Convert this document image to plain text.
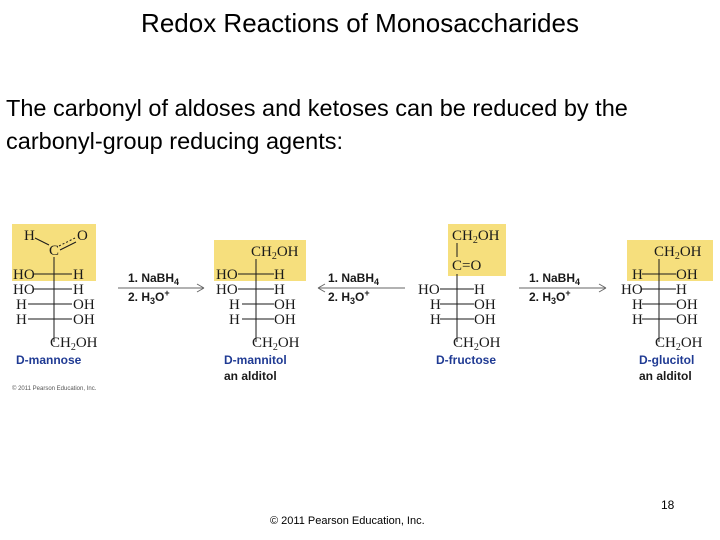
Redox Reactions of Monosaccharides
The carbonyl of aldoses and ketoses can be reduced by the carbonyl-group reducing agents:
H
C
O
HO	H
HO	H
H	OH
H	OH
$CH_2OH$
D-mannose
1. NaBH$_4$
2. $H_3O^+$
$CH_2OH$
HO H
HO H
H OH
H OH
$CH_2OH$
D-mannitol
an alditol
1. NaBH$_4$
2. $H_3O^+$
$CH_2OH$
C=O
HO H
H OH
H OH
$CH_2OH$
D-fructose
1. NaBH$_4$
2. $H_3O^+$
$CH_2OH$
H OH
HO H
H OH
H OH
$CH_2OH$
D-glucitol
an alditol
© 2011 Pearson Education, Inc.
18
© 2011 Pearson Education, Inc.
